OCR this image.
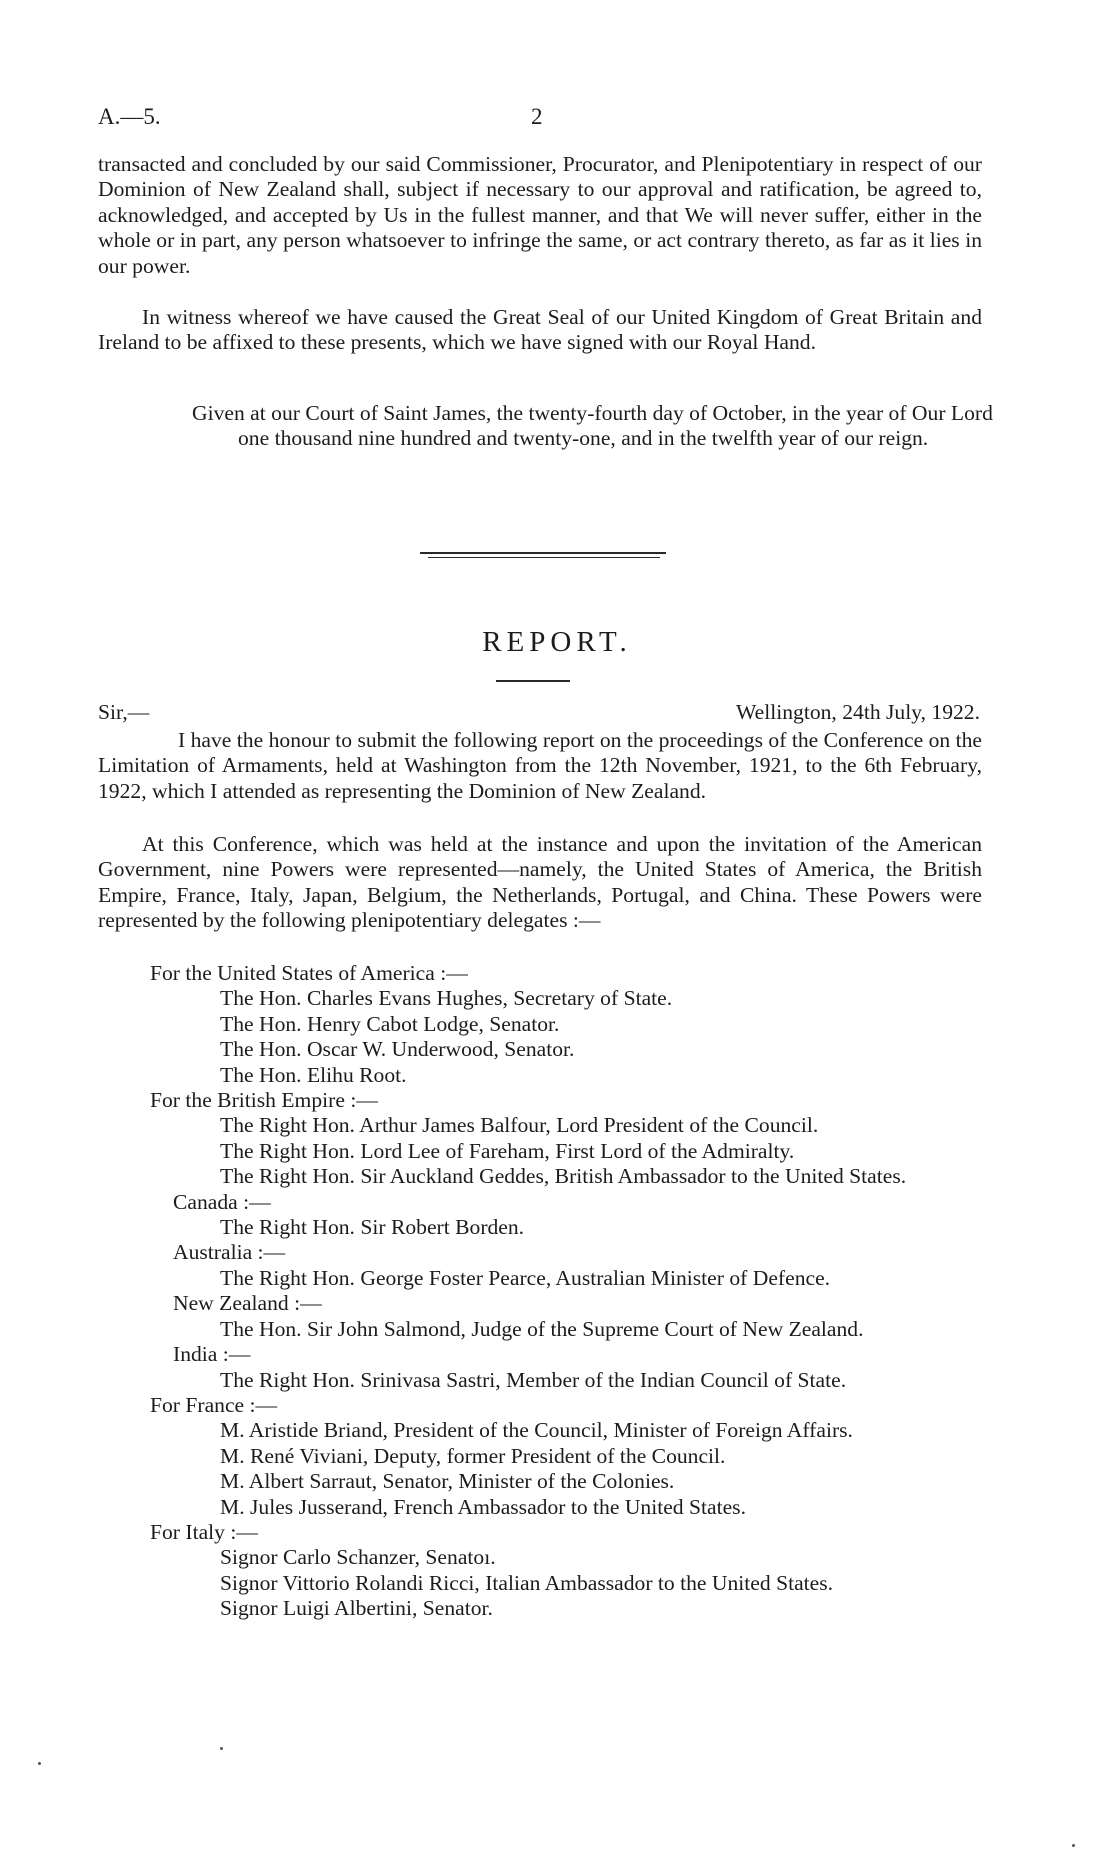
A.—5.	2

transacted and concluded by our said Commissioner, Procurator, and Plenipotentiary in respect of our Dominion of New Zealand shall, subject if necessary to our approval and ratification, be agreed to, acknowledged, and accepted by Us in the fullest manner, and that We will never suffer, either in the whole or in part, any person whatsoever to infringe the same, or act contrary thereto, as far as it lies in our power.

In witness whereof we have caused the Great Seal of our United Kingdom of Great Britain and Ireland to be affixed to these presents, which we have signed with our Royal Hand.

Given at our Court of Saint James, the twenty-fourth day of October, in the year of Our Lord one thousand nine hundred and twenty-one, and in the twelfth year of our reign.

REPORT.
Sir,—	Wellington, 24th July, 1922.

I have the honour to submit the following report on the proceedings of the Conference on the Limitation of Armaments, held at Washington from the 12th November, 1921, to the 6th February, 1922, which I attended as representing the Dominion of New Zealand.

At this Conference, which was held at the instance and upon the invitation of the American Government, nine Powers were represented—namely, the United States of America, the British Empire, France, Italy, Japan, Belgium, the Netherlands, Portugal, and China. These Powers were represented by the following plenipotentiary delegates :—

For the United States of America :—
The Hon. Charles Evans Hughes, Secretary of State.
The Hon. Henry Cabot Lodge, Senator.
The Hon. Oscar W. Underwood, Senator.
The Hon. Elihu Root.
For the British Empire :—
The Right Hon. Arthur James Balfour, Lord President of the Council.
The Right Hon. Lord Lee of Fareham, First Lord of the Admiralty.
The Right Hon. Sir Auckland Geddes, British Ambassador to the United States.
Canada :—
The Right Hon. Sir Robert Borden.
Australia :—
The Right Hon. George Foster Pearce, Australian Minister of Defence.
New Zealand :—
The Hon. Sir John Salmond, Judge of the Supreme Court of New Zealand.
India :—
The Right Hon. Srinivasa Sastri, Member of the Indian Council of State.
For France :—
M. Aristide Briand, President of the Council, Minister of Foreign Affairs.
M. René Viviani, Deputy, former President of the Council.
M. Albert Sarraut, Senator, Minister of the Colonies.
M. Jules Jusserand, French Ambassador to the United States.
For Italy :—
Signor Carlo Schanzer, Senatoı.
Signor Vittorio Rolandi Ricci, Italian Ambassador to the United States.
Signor Luigi Albertini, Senator.
